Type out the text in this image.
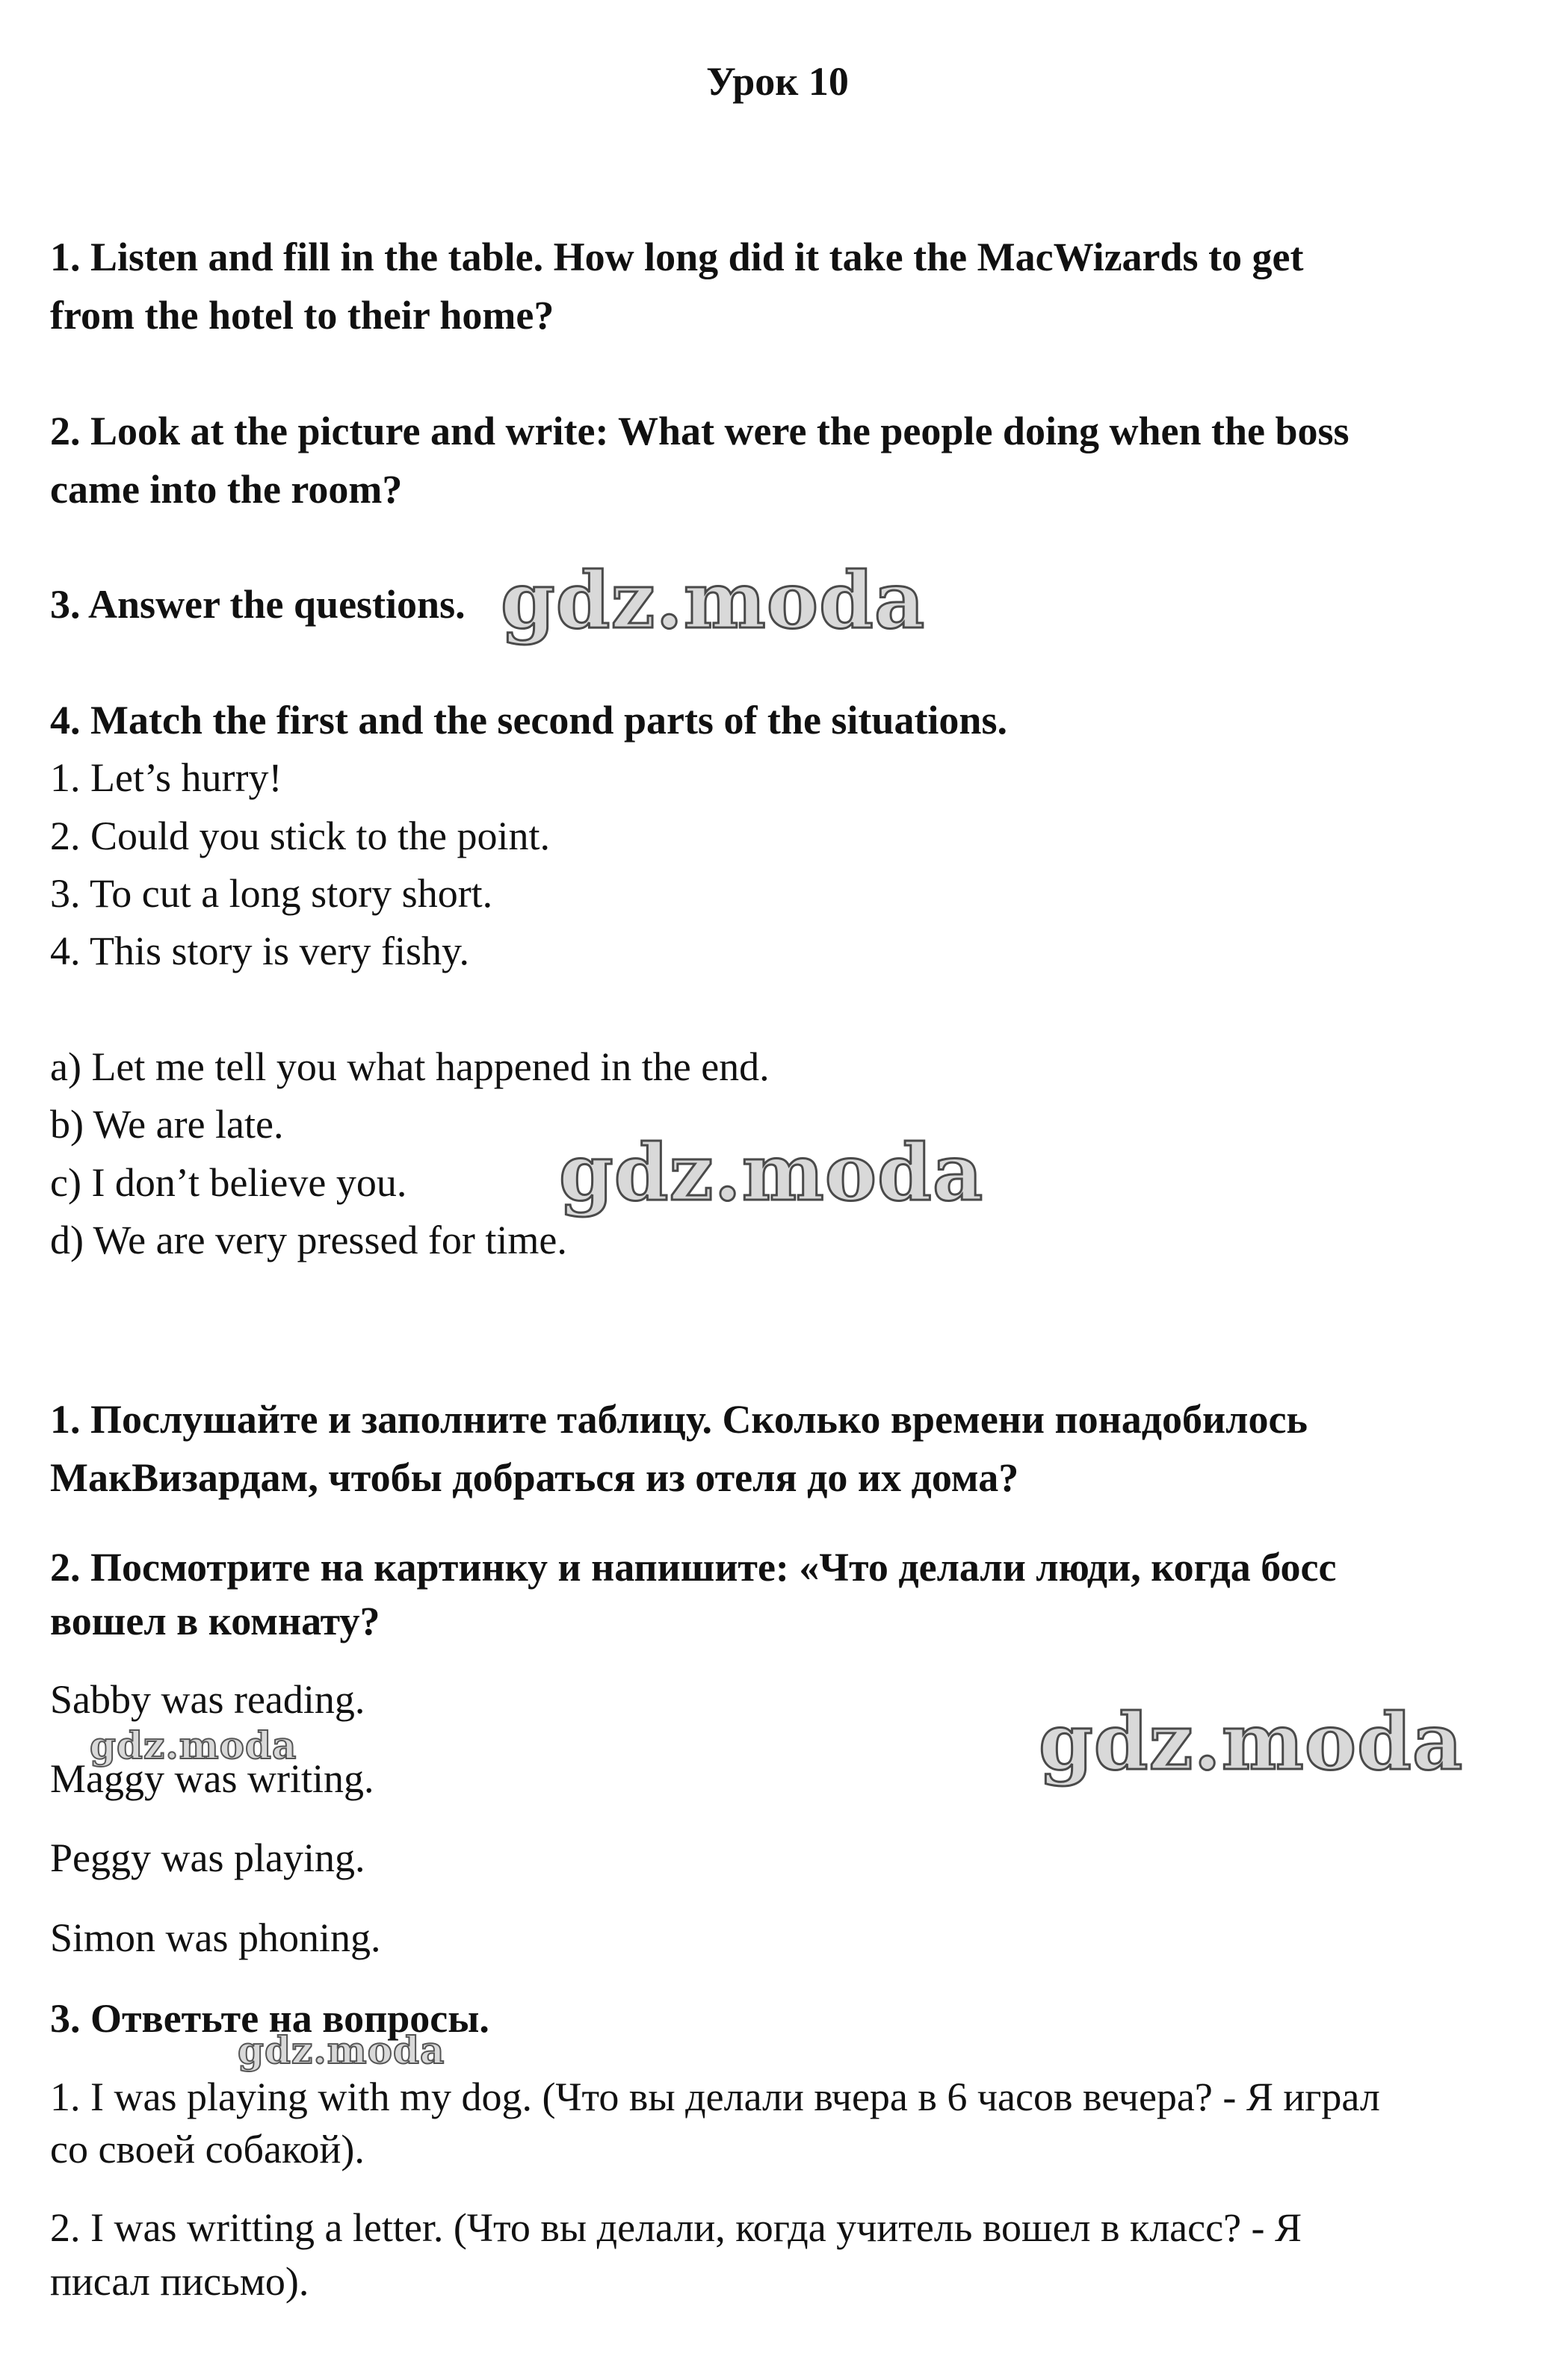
Урок 10

1. Listen and fill in the table. How long did it take the MacWizards to get

from the hotel to their home?

2. Look at the picture and write: What were the people doing when the boss

came into the room?

3. Answer the questions.

4. Match the first and the second parts of the situations.

1. Let’s hurry!

2. Could you stick to the point.

3. To cut a long story short.

4. This story is very fishy.

a) Let me tell you what happened in the end.

b) We are late.

c) I don’t believe you.

d) We are very pressed for time.

1. Послушайте и заполните таблицу. Сколько времени понадобилось

МакВизардам, чтобы добраться из отеля до их дома?

2. Посмотрите на картинку и напишите: «Что делали люди, когда босс

вошел в комнату?

Sabby was reading.

Maggy was writing.

Peggy was playing.

Simon was phoning.

3. Ответьте на вопросы.

1. I was playing with my dog. (Что вы делали вчера в 6 часов вечера? - Я играл

со своей собакой).

2. I was writting a letter. (Что вы делали, когда учитель вошел в класс? - Я

писал письмо).

gdz.moda
gdz.moda
gdz.moda
gdz.moda
gdz.moda
